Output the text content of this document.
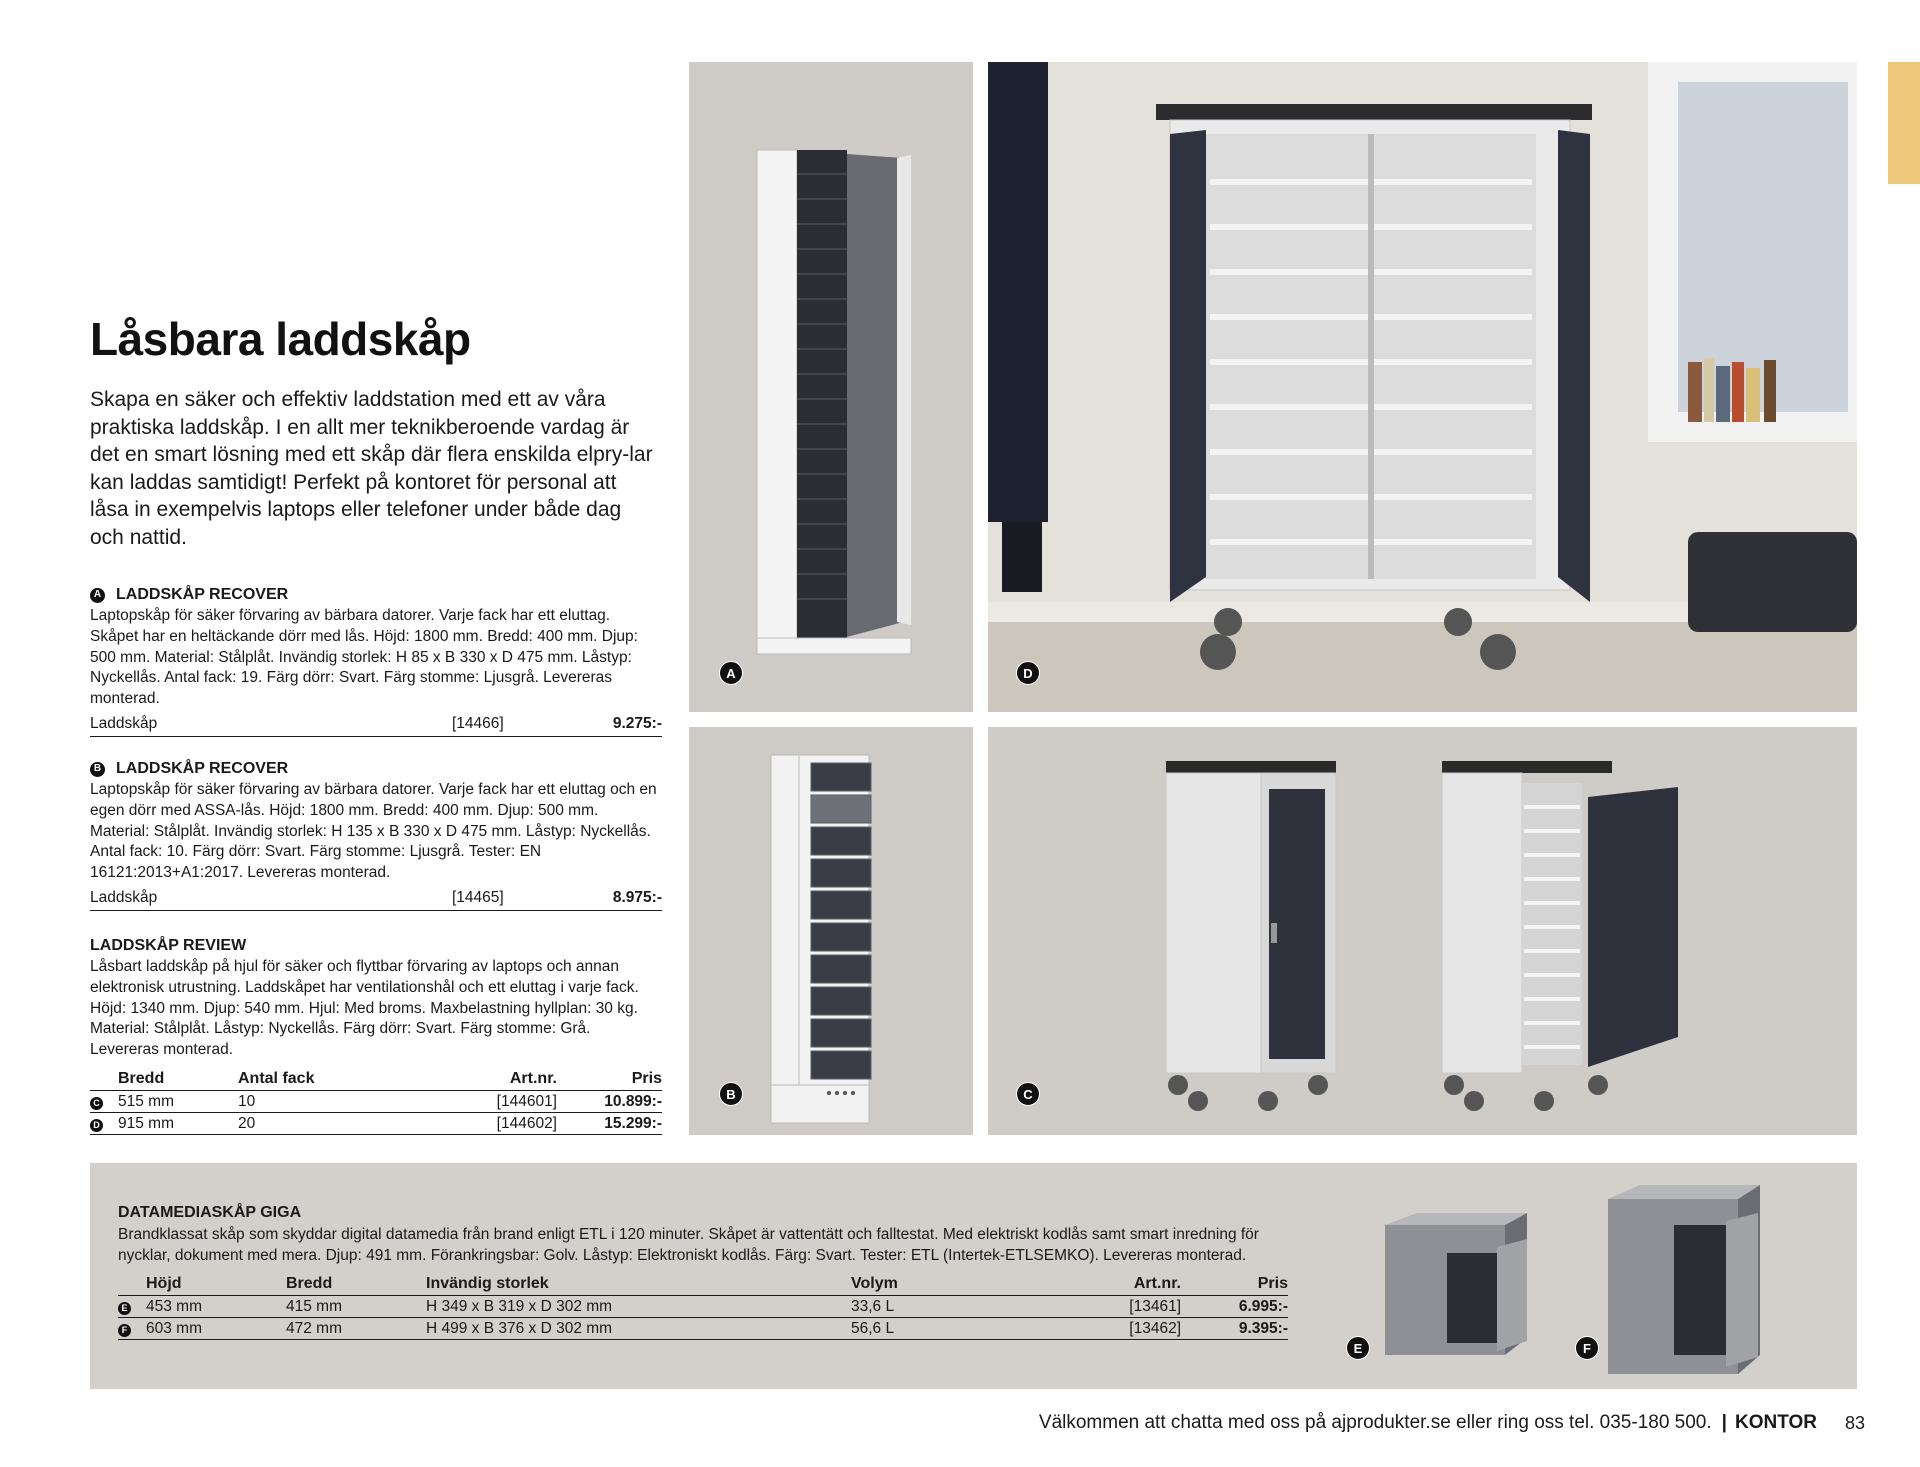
Låsbara laddskåp

Skapa en säker och effektiv laddstation med ett av våra praktiska laddskåp. I en allt mer teknikberoende vardag är det en smart lösning med ett skåp där flera enskilda elpry-lar kan laddas samtidigt! Perfekt på kontoret för personal att låsa in exempelvis laptops eller telefoner under både dag och nattid.

A LADDSKÅP RECOVER

Laptopskåp för säker förvaring av bärbara datorer. Varje fack har ett eluttag. Skåpet har en heltäckande dörr med lås. Höjd: 1800 mm. Bredd: 400 mm. Djup: 500 mm. Material: Stålplåt. Invändig storlek: H 85 x B 330 x D 475 mm. Låstyp: Nyckellås. Antal fack: 19. Färg dörr: Svart. Färg stomme: Ljusgrå. Levereras monterad.

Laddskåp	[14466]	9.275:-
B LADDSKÅP RECOVER

Laptopskåp för säker förvaring av bärbara datorer. Varje fack har ett eluttag och en egen dörr med ASSA-lås. Höjd: 1800 mm. Bredd: 400 mm. Djup: 500 mm. Material: Stålplåt. Invändig storlek: H 135 x B 330 x D 475 mm. Låstyp: Nyckellås. Antal fack: 10. Färg dörr: Svart. Färg stomme: Ljusgrå. Tester: EN 16121:2013+A1:2017. Levereras monterad.

Laddskåp	[14465]	8.975:-
LADDSKÅP REVIEW

Låsbart laddskåp på hjul för säker och flyttbar förvaring av laptops och annan elektronisk utrustning. Laddskåpet har ventilationshål och ett eluttag i varje fack. Höjd: 1340 mm. Djup: 540 mm. Hjul: Med broms. Maxbelastning hyllplan: 30 kg. Material: Stålplåt. Låstyp: Nyckellås. Färg dörr: Svart. Färg stomme: Grå. Levereras monterad.

	Bredd	Antal fack	Art.nr.	Pris
C	515 mm	10	[144601]	10.899:-
D	915 mm	20	[144602]	15.299:-
A	D
B	C
DATAMEDIASKÅP GIGA

Brandklassat skåp som skyddar digital datamedia från brand enligt ETL i 120 minuter. Skåpet är vattentätt och falltestat. Med elektriskt kodlås samt smart inredning för nycklar, dokument med mera. Djup: 491 mm. Förankringsbar: Golv. Låstyp: Elektroniskt kodlås. Färg: Svart. Tester: ETL (Intertek-ETLSEMKO). Levereras monterad.

	Höjd	Bredd	Invändig storlek	Volym	Art.nr.	Pris
E	453 mm	415 mm	H 349 x B 319 x D 302 mm	33,6 L	[13461]	6.995:-
F	603 mm	472 mm	H 499 x B 376 x D 302 mm	56,6 L	[13462]	9.395:-
E	F
Välkommen att chatta med oss på ajprodukter.se eller ring oss tel. 035-180 500. | KONTOR 83
